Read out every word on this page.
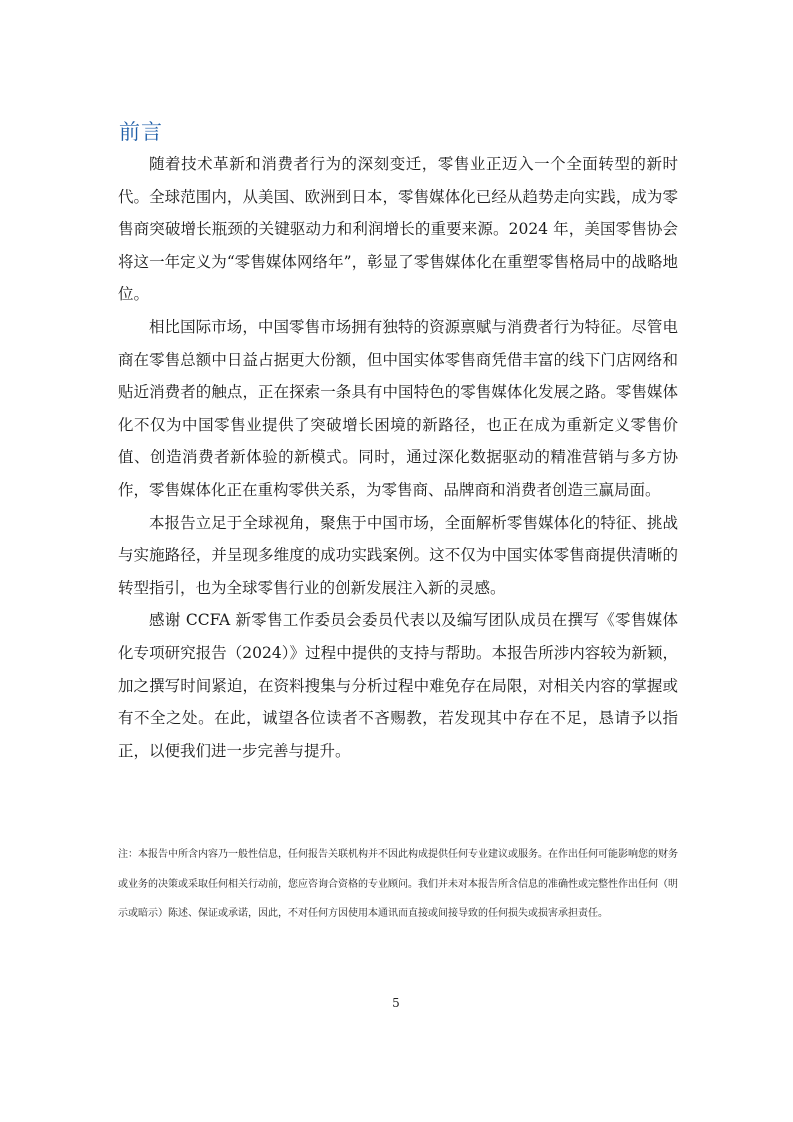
前言

随着技术革新和消费者行为的深刻变迁，零售业正迈入一个全面转型的新时代。全球范围内，从美国、欧洲到日本，零售媒体化已经从趋势走向实践，成为零售商突破增长瓶颈的关键驱动力和利润增长的重要来源。2024 年，美国零售协会将这一年定义为“零售媒体网络年”，彰显了零售媒体化在重塑零售格局中的战略地位。

相比国际市场，中国零售市场拥有独特的资源禀赋与消费者行为特征。尽管电商在零售总额中日益占据更大份额，但中国实体零售商凭借丰富的线下门店网络和贴近消费者的触点，正在探索一条具有中国特色的零售媒体化发展之路。零售媒体化不仅为中国零售业提供了突破增长困境的新路径，也正在成为重新定义零售价值、创造消费者新体验的新模式。同时，通过深化数据驱动的精准营销与多方协作，零售媒体化正在重构零供关系，为零售商、品牌商和消费者创造三赢局面。

本报告立足于全球视角，聚焦于中国市场，全面解析零售媒体化的特征、挑战与实施路径，并呈现多维度的成功实践案例。这不仅为中国实体零售商提供清晰的转型指引，也为全球零售行业的创新发展注入新的灵感。

感谢 CCFA 新零售工作委员会委员代表以及编写团队成员在撰写《零售媒体化专项研究报告（2024）》过程中提供的支持与帮助。本报告所涉内容较为新颖，加之撰写时间紧迫，在资料搜集与分析过程中难免存在局限，对相关内容的掌握或有不全之处。在此，诚望各位读者不吝赐教，若发现其中存在不足，恳请予以指正，以便我们进一步完善与提升。

注：本报告中所含内容乃一般性信息，任何报告关联机构并不因此构成提供任何专业建议或服务。在作出任何可能影响您的财务或业务的决策或采取任何相关行动前，您应咨询合资格的专业顾问。我们并未对本报告所含信息的准确性或完整性作出任何（明示或暗示）陈述、保证或承诺，因此，不对任何方因使用本通讯而直接或间接导致的任何损失或损害承担责任。
5
